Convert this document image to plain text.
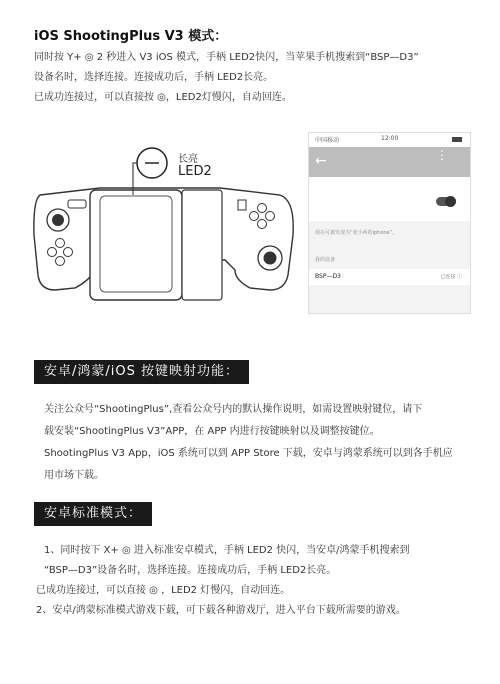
iOS ShootingPlus V3 模式：

同时按 Y+ ◎ 2 秒进入 V3 iOS 模式，手柄 LED2快闪，当苹果手机搜索到“BSP—D3”

设备名时，选择连接。连接成功后，手柄 LED2长亮。

已成功连接过，可以直接按 ◎，LED2灯慢闪，自动回连。

长亮
LED2
中国移动	12:00
←	⋮
现在可被发现为“张小两的iphone”。
我的设备
BSP—D3	已连接 ⓘ
安卓/鸿蒙/iOS 按键映射功能：

关注公众号“ShootingPlus”,查看公众号内的默认操作说明，如需设置映射键位，请下

载安装“ShootingPlus V3”APP，在 APP 内进行按键映射以及调整按键位。

ShootingPlus V3 App，iOS 系统可以到 APP Store 下载，安卓与鸿蒙系统可以到各手机应

用市场下载。

安卓标准模式：

1、同时按下 X+ ◎ 进入标准安卓模式，手柄 LED2 快闪，当安卓/鸿蒙手机搜索到

“BSP—D3”设备名时，选择连接。连接成功后，手柄 LED2长亮。

已成功连接过，可以直接 ◎ ，LED2 灯慢闪，自动回连。

2、安卓/鸿蒙标准模式游戏下载，可下载各种游戏厅，进入平台下载所需要的游戏。
